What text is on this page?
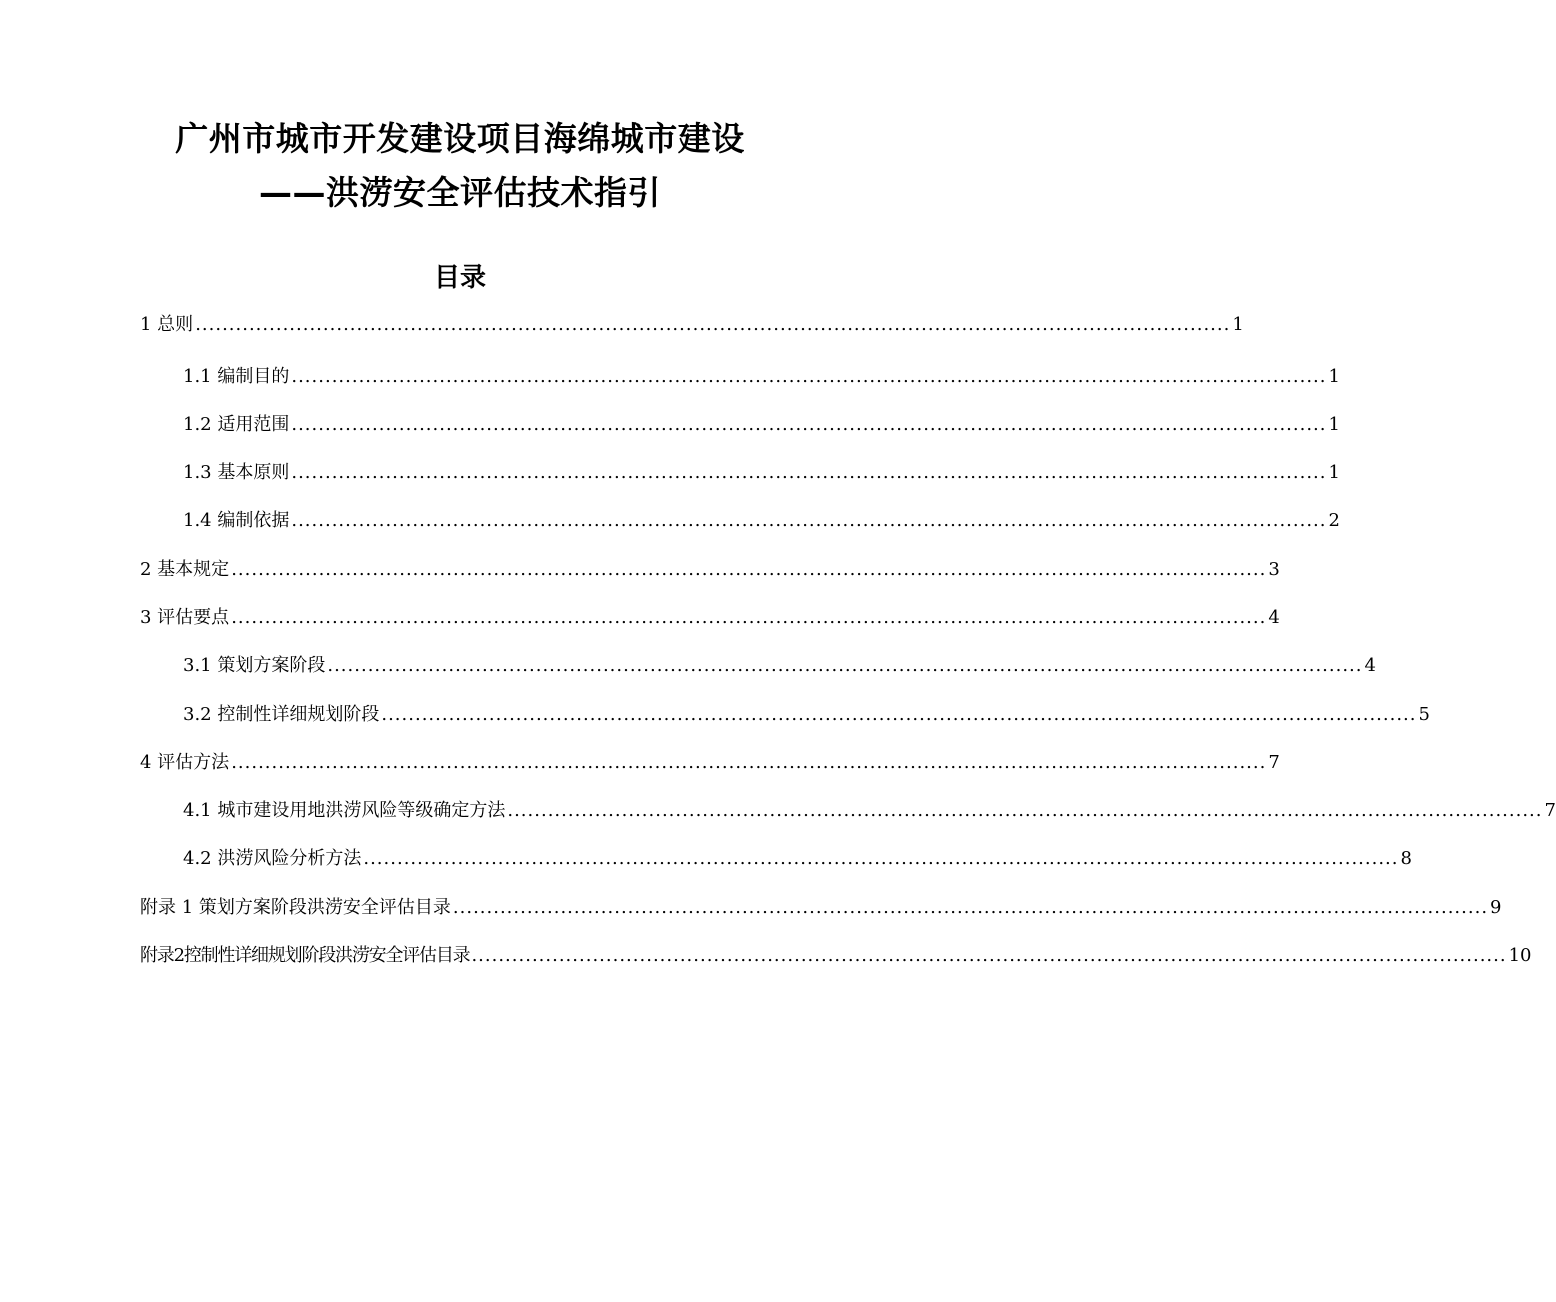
广州市城市开发建设项目海绵城市建设
——洪涝安全评估技术指引
目录
1 总则 .......................................................................................................................................................... 1
1.1 编制目的 .......................................................................................................................................................... 1
1.2 适用范围 .......................................................................................................................................................... 1
1.3 基本原则 .......................................................................................................................................................... 1
1.4 编制依据 .......................................................................................................................................................... 2
2 基本规定 .......................................................................................................................................................... 3
3 评估要点 .......................................................................................................................................................... 4
3.1 策划方案阶段 .......................................................................................................................................................... 4
3.2 控制性详细规划阶段 .......................................................................................................................................................... 5
4 评估方法 .......................................................................................................................................................... 7
4.1 城市建设用地洪涝风险等级确定方法 .......................................................................................................................................................... 7
4.2 洪涝风险分析方法 .......................................................................................................................................................... 8
附录 1 策划方案阶段洪涝安全评估目录 .......................................................................................................................................................... 9
附录2控制性详细规划阶段洪涝安全评估目录 .......................................................................................................................................................... 10
